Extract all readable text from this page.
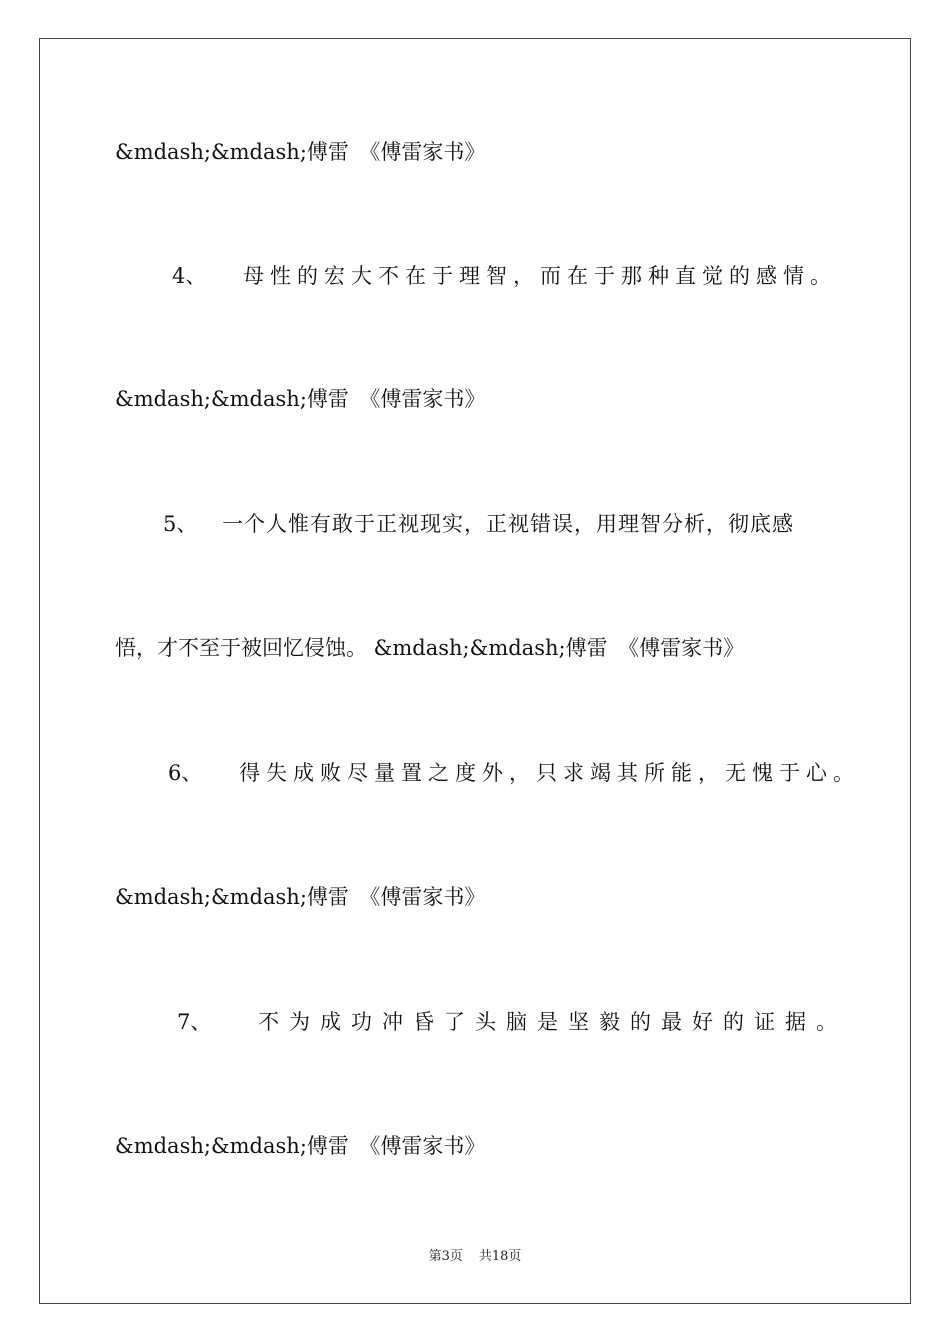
&mdash;&mdash;傅雷　《傅雷家书》
4、 母性的宏大不在于理智，而在于那种直觉的感情。
&mdash;&mdash;傅雷　《傅雷家书》
5、 一个人惟有敢于正视现实，正视错误，用理智分析，彻底感
悟，才不至于被回忆侵蚀。 &mdash;&mdash;傅雷　《傅雷家书》
6、 得失成败尽量置之度外，只求竭其所能，无愧于心。
&mdash;&mdash;傅雷　《傅雷家书》
7、 不为成功冲昏了头脑是坚毅的最好的证据。
&mdash;&mdash;傅雷　《傅雷家书》
第3页 共18页
